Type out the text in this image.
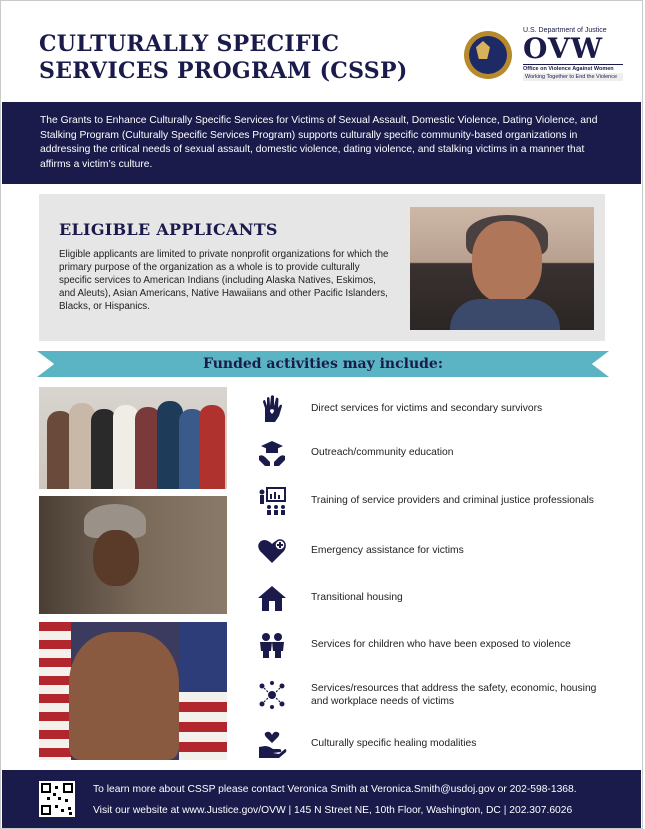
CULTURALLY SPECIFIC
SERVICES PROGRAM (CSSP)
U.S. Department of Justice
OVW
Office on Violence Against Women
Working Together to End the Violence
The Grants to Enhance Culturally Specific Services for Victims of Sexual Assault, Domestic Violence, Dating Violence, and Stalking Program (Culturally Specific Services Program) supports culturally specific community-based organizations in addressing the critical needs of sexual assault, domestic violence, dating violence, and stalking victims in a manner that affirms a victim’s culture.
ELIGIBLE APPLICANTS
Eligible applicants are limited to private nonprofit organizations for which the primary purpose of the organization as a whole is to provide culturally specific services to American Indians (including Alaska Natives, Eskimos, and Aleuts), Asian Americans, Native Hawaiians and other Pacific Islanders, Blacks, or Hispanics.
Funded activities may include:
Direct services for victims and secondary survivors
Outreach/community education
Training of service providers and criminal justice professionals
Emergency assistance for victims
Transitional housing
Services for children who have been exposed to violence
Services/resources that address the safety, economic, housing and workplace needs of victims
Culturally specific healing modalities
To learn more about CSSP please contact Veronica Smith at Veronica.Smith@usdoj.gov or 202-598-1368.
Visit our website at www.Justice.gov/OVW | 145 N Street NE, 10th Floor, Washington, DC | 202.307.6026
